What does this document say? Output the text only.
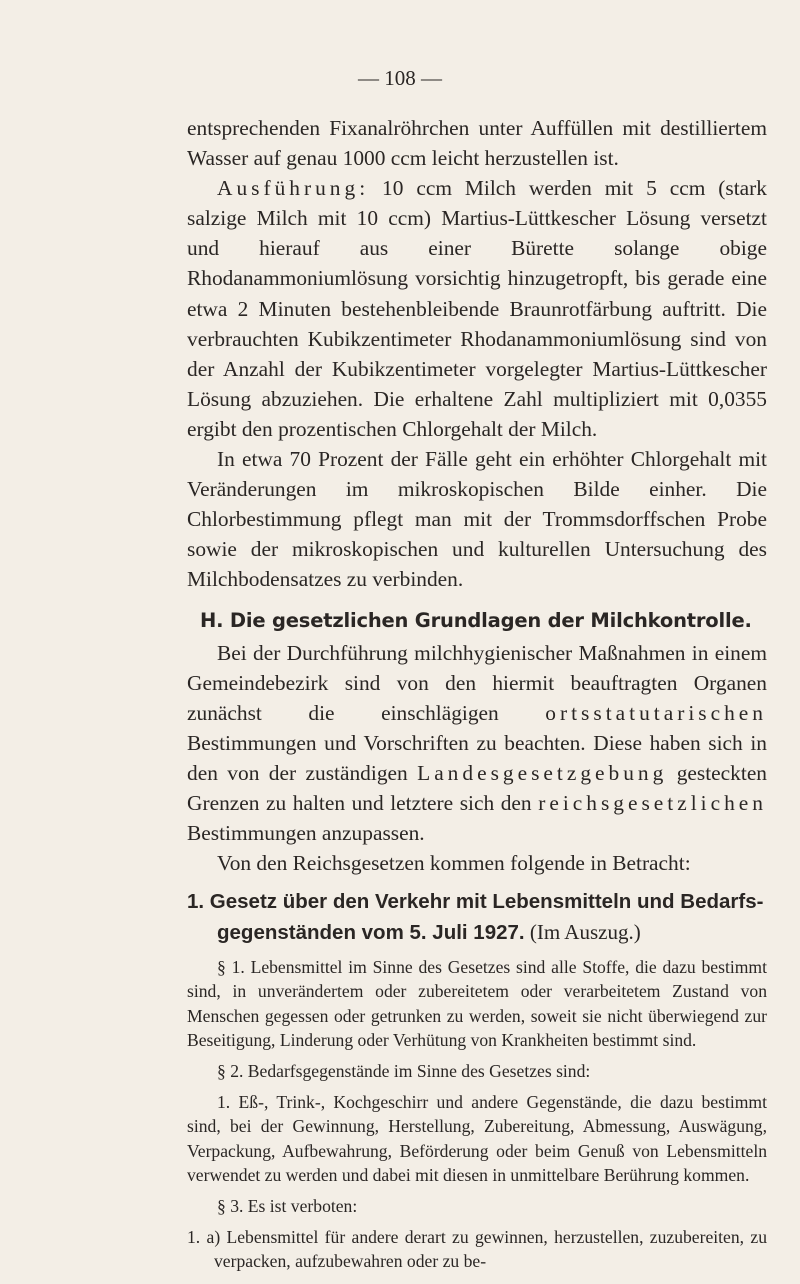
— 108 —

entsprechenden Fixanalröhrchen unter Auffüllen mit destilliertem Wasser auf genau 1000 ccm leicht herzustellen ist.

Ausführung: 10 ccm Milch werden mit 5 ccm (stark salzige Milch mit 10 ccm) Martius-Lüttkescher Lösung versetzt und hierauf aus einer Bürette solange obige Rhodanammoniumlösung vorsichtig hinzugetropft, bis gerade eine etwa 2 Minuten bestehenbleibende Braunrotfärbung auftritt. Die verbrauchten Kubikzentimeter Rhodanammoniumlösung sind von der Anzahl der Kubikzentimeter vorgelegter Martius-Lüttkescher Lösung abzuziehen. Die erhaltene Zahl multipliziert mit 0,0355 ergibt den prozentischen Chlorgehalt der Milch.

In etwa 70 Prozent der Fälle geht ein erhöhter Chlorgehalt mit Veränderungen im mikroskopischen Bilde einher. Die Chlorbestimmung pflegt man mit der Trommsdorffschen Probe sowie der mikroskopischen und kulturellen Untersuchung des Milchbodensatzes zu verbinden.

H. Die gesetzlichen Grundlagen der Milchkontrolle.

Bei der Durchführung milchhygienischer Maßnahmen in einem Gemeindebezirk sind von den hiermit beauftragten Organen zunächst die einschlägigen ortsstatutarischen Bestimmungen und Vorschriften zu beachten. Diese haben sich in den von der zuständigen Landesgesetzgebung gesteckten Grenzen zu halten und letztere sich den reichsgesetzlichen Bestimmungen anzupassen.

Von den Reichsgesetzen kommen folgende in Betracht:

1. Gesetz über den Verkehr mit Lebensmitteln und Bedarfs-
gegenständen vom 5. Juli 1927. (Im Auszug.)

§ 1. Lebensmittel im Sinne des Gesetzes sind alle Stoffe, die dazu bestimmt sind, in unverändertem oder zubereitetem oder verarbeitetem Zustand von Menschen gegessen oder getrunken zu werden, soweit sie nicht überwiegend zur Beseitigung, Linderung oder Verhütung von Krankheiten bestimmt sind.

§ 2. Bedarfsgegenstände im Sinne des Gesetzes sind:

1. Eß-, Trink-, Kochgeschirr und andere Gegenstände, die dazu bestimmt sind, bei der Gewinnung, Herstellung, Zubereitung, Abmessung, Auswägung, Verpackung, Aufbewahrung, Beförderung oder beim Genuß von Lebensmitteln verwendet zu werden und dabei mit diesen in unmittelbare Berührung kommen.

§ 3. Es ist verboten:

1. a) Lebensmittel für andere derart zu gewinnen, herzustellen, zuzubereiten, zu verpacken, aufzubewahren oder zu be-
